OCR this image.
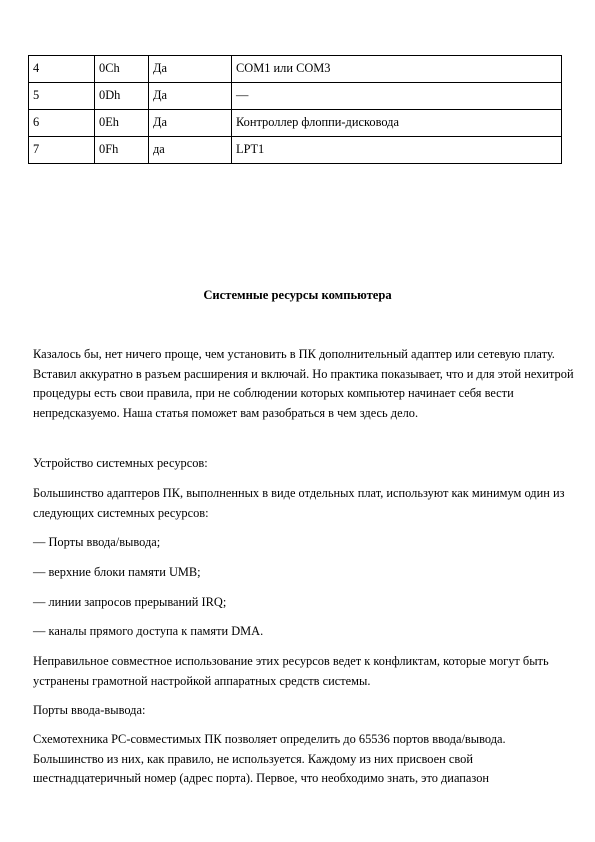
4	0Ch	Да	COM1 или COM3
5	0Dh	Да	—
6	0Eh	Да	Контроллер флоппи-дисковода
7	0Fh	да	LPT1
Системные ресурсы компьютера

Казалось бы, нет ничего проще, чем установить в ПК дополнительный адаптер или сетевую плату. Вставил аккуратно в разъем расширения и включай. Но практика показывает, что и для этой нехитрой процедуры есть свои правила, при не соблюдении которых компьютер начинает себя вести непредсказуемо. Наша статья поможет вам разобраться в чем здесь дело.

Устройство системных ресурсов:

Большинство адаптеров ПК, выполненных в виде отдельных плат, используют как минимум один из следующих системных ресурсов:

— Порты ввода/вывода;

— верхние блоки памяти UMB;

— линии запросов прерываний IRQ;

— каналы прямого доступа к памяти DMA.

Неправильное совместное использование этих ресурсов ведет к конфликтам, которые могут быть устранены грамотной настройкой аппаратных средств системы.

Порты ввода-вывода:

Схемотехника PC-совместимых ПК позволяет определить до 65536 портов ввода/вывода. Большинство из них, как правило, не используется. Каждому из них присвоен свой шестнадцатеричный номер (адрес порта). Первое, что необходимо знать, это диапазон
